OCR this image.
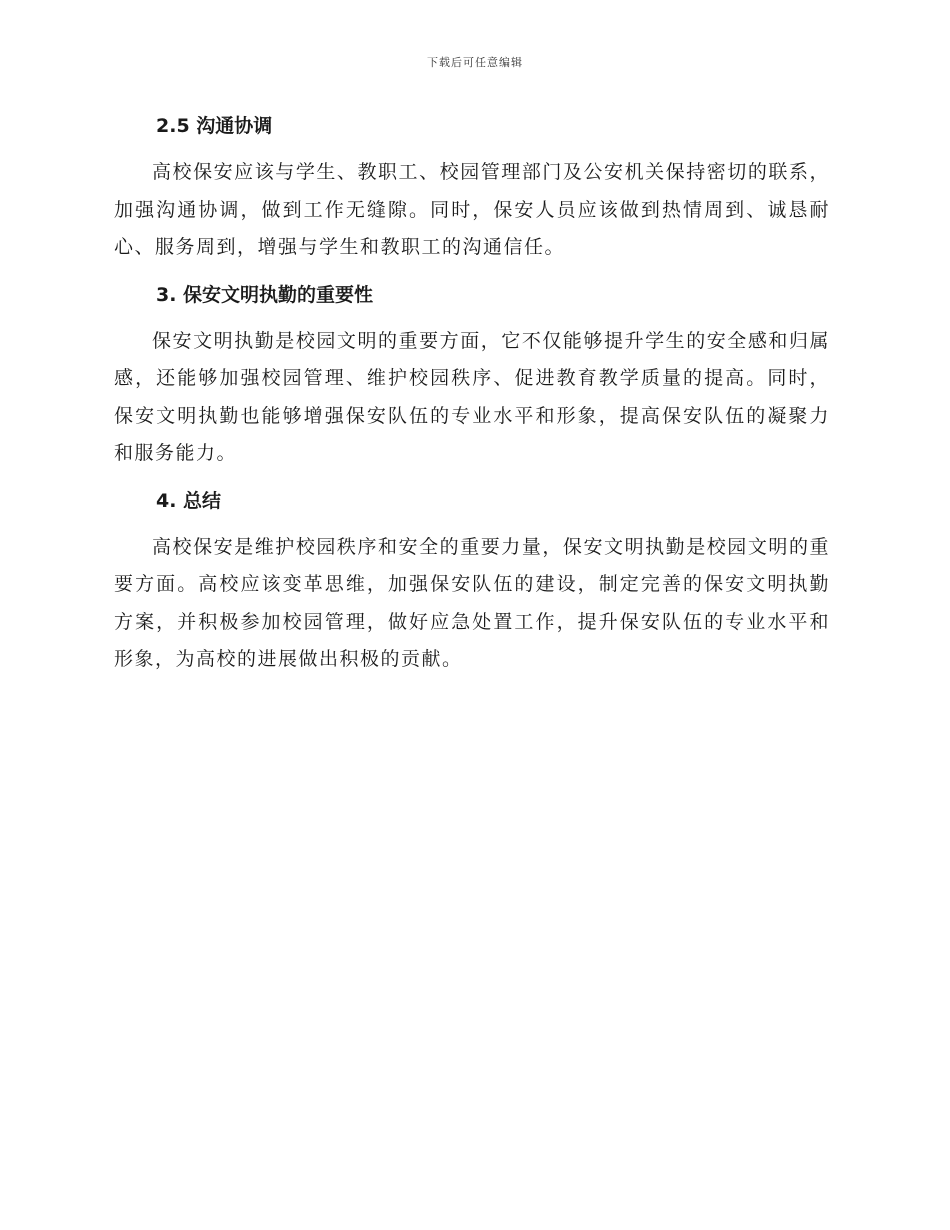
下载后可任意编辑
2.5 沟通协调

高校保安应该与学生、教职工、校园管理部门及公安机关保持密切的联系，加强沟通协调，做到工作无缝隙。同时，保安人员应该做到热情周到、诚恳耐心、服务周到，增强与学生和教职工的沟通信任。

3. 保安文明执勤的重要性

保安文明执勤是校园文明的重要方面，它不仅能够提升学生的安全感和归属感，还能够加强校园管理、维护校园秩序、促进教育教学质量的提高。同时，保安文明执勤也能够增强保安队伍的专业水平和形象，提高保安队伍的凝聚力和服务能力。

4. 总结

高校保安是维护校园秩序和安全的重要力量，保安文明执勤是校园文明的重要方面。高校应该变革思维，加强保安队伍的建设，制定完善的保安文明执勤方案，并积极参加校园管理，做好应急处置工作，提升保安队伍的专业水平和形象，为高校的进展做出积极的贡献。
